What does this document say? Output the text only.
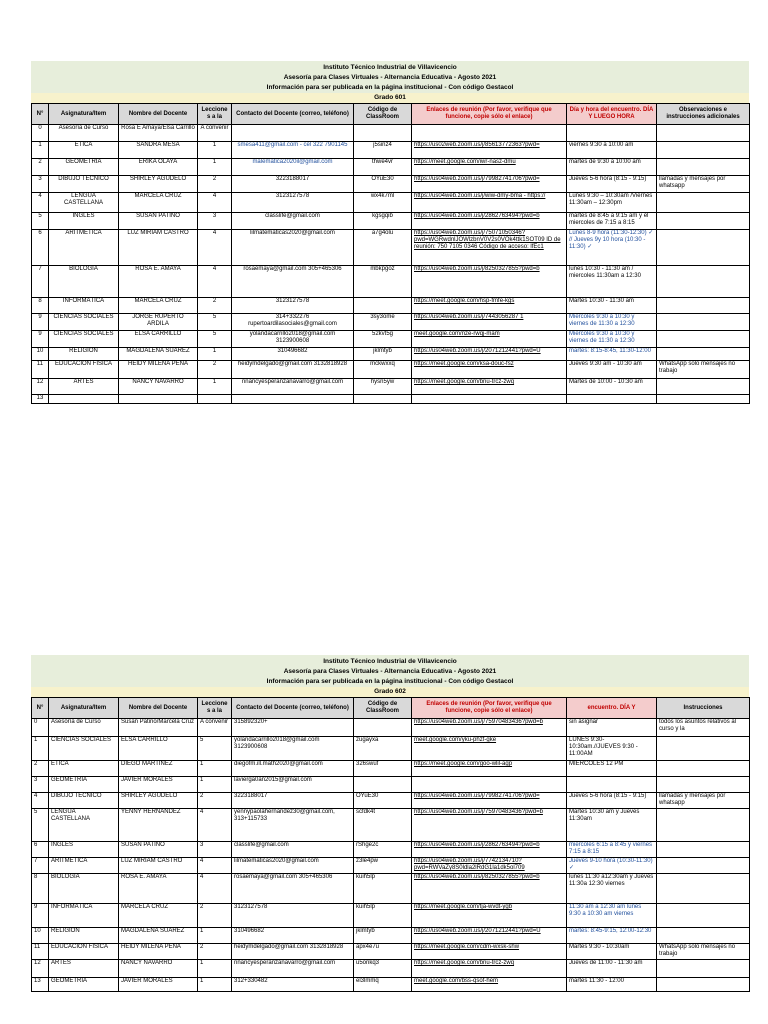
Instituto Técnico Industrial de Villavicencio
Asesoría para Clases Virtuales - Alternancia Educativa - Agosto 2021
Información para ser publicada en la página institucional - Con código Gestacol
Grado 601
N°	Asignatura/Item	Nombre del Docente	Lecciones a la	Contacto del Docente (correo, teléfono)	Código de ClassRoom	Enlaces de reunión (Por favor, verifique que funcione, copie sólo el enlace)	Día y hora del encuentro. DÍA Y LUEGO HORA	Observaciones e instrucciones adicionales
0	Asesoría de Curso	Rosa E Amaya/Elsa Carrillo	A convenir					
1	ETICA	SANDRA MESA	1	smesa411@gmail.com - cel 322 7901145	j5sinz4	https://us02web.zoom.us/j/85613772363?pwd=	viernes 9:30 a 10:00 am	
2	GEOMETRÍA	ERIKA OLAYA	1	malematica2020il@gmail.com	thwe4vr	https://meet.google.com/iwr-nasz-dmu	martes de 9:30 a 10:00 am	
3	DIBUJO TÉCNICO	SHIRLEY AGUDELO	2	3223188017	OYuE30	https://us04web.zoom.us/j/79982741706?pwd=	Jueves 5-6 hora (8:15 - 9:15)	llamadas y mensajes por whatsapp
4	LENGUA CASTELLANA	MARCELA CRUZ	4	3123127578	wx4k7ml	https://us04web.zoom.us/j/wiw-dmy-bma - https://	Lunes 9:30 – 10:30am /Viernes 11:30am – 12:30pm	
5	INGLES	SUSAN PATIÑO	3	classlife@gmail.com	kgsgqib	https://us04web.zoom.us/j/2862763494?pwd=b	martes de 8:45 a 9:15 am y el miercoles de 7:15 a 8:15	
6	ARITMÉTICA	LUZ MIRIAM CASTRO	4	lilmatematicas2020@gmail.com	a7g4olu	https://us04web.zoom.us/j/75071050346?pwd=WGRwdnlJOWlzbnV0V2s0VOk4ttk1SOT09 ID de reunión: 750 7105 0346 Código de acceso: lfEc1	Lunes 8-9 hora (11:30-12:30) ✓ // Jueves 9y 10 hora (10:30 - 11:30) ✓	
7	BIOLOGÍA	ROSA E. AMAYA	4	rosaemaya@gmail.com 305+465306	mbkpgoz	https://us04web.zoom.us/j/8250327855?pwd=b	lunes 10:30 - 11:30 am / miercoles 11:30am a 12:30	
8	INFORMÁTICA	MARCELA CRUZ	2	3123127578		https://meet.google.com/hsp-fmfe-kgs	Martes 10:30 - 11:30 am	
9	CIENCIAS SOCIALES	JORGE RUPERTO ARDILA	5	314+332276 rupertoardilasociales@gmail.com	3sy3ome	https://us04web.zoom.us/j/7443056287 1	Miercoles 9:30 a 10:30 y viernes de 11:30 a 12:30	
9	CIENCIAS SOCIALES	ELSA CARRILLO	5	yolandacarrillo2018@gmail.com 3123900608	52kvt5g	meet.google.com/nze-rwqj-mam	Miercoles 9:30 a 10:30 y viernes de 11:30 a 12:30	
10	RELIGIÓN	MAGDALENA SUÁREZ	1	310496682	jklmtyb	https://us04web.zoom.us/j/2071212441?pwd=U	martes: 8:15-8:45, 11:30-12:00	
11	EDUCACIÓN FÍSICA	HEIDY MILENA PEÑA	2	heidymdelgado@gmail.com 3132818928	mckwxxq	https://meet.google.com/ksa-douc-fsz	Jueves 9:30 am - 10:30 am	WhatsApp solo mensajes no trabajo
12	ARTES	NANCY NAVARRO	1	nnancyesperanzanavarro@gmail.com	hysn5yw	https://meet.google.com/bnu-trcz-zwq	Martes de 10:00 - 10:30 am	
13								
Instituto Técnico Industrial de Villavicencio
Asesoría para Clases Virtuales - Alternancia Educativa - Agosto 2021
Información para ser publicada en la página institucional - Con código Gestacol
Grado 602
N°	Asignatura/Item	Nombre del Docente	Lecciones a la	Contacto del Docente (correo, teléfono)	Código de ClassRoom	Enlaces de reunión (Por favor, verifique que funcione, copie sólo el enlace)	encuentro. DÍA Y	Instrucciones
0	Asesoría de Curso	Susan Patiño/Marcela Cruz	A convenir	315892320+		https://us04web.zoom.us/j/75970483436?pwd=b	sin asignar	todos los asuntos relativos al curso y la
1	CIENCIAS SOCIALES	ELSA CARRILLO	5	yolandacarrillo2018@gmail.com 3123900608	zugayxa	meet.google.com/yku-phzf-gke	LUNES 9:30-10:30am.//JUEVES 9:30 - 11:00AM	
2	ETICA	DIEGO MARTINEZ	1	diegofm.ill.math2020@gmail.com	326swuf	https://meet.google.com/goo-wlil-agp	MIÉRCOLES 12 PM	
3	GEOMETRÍA	JAVIER MORALES	1	lavierga0an2015@gmail.com				
4	DIBUJO TÉCNICO	SHIRLEY AGUDELO	2	3223188017	OYuE30	https://us04web.zoom.us/j/79982741706?pwd=	Jueves 5-6 hora (8:15 - 9:15)	llamadas y mensajes por whatsapp
5	LENGUA CASTELLANA	YENNY HERNANDEZ	4	yennypaolahernandez30@gmail.com, 313+115733	scfdk4t	https://us04web.zoom.us/j/75970483436?pwd=b	Martes 10:30 am y Jueves 11:30am	
6	INGLES	SUSAN PATIÑO	3	classlife@gmail.com	rShge2c	https://us04web.zoom.us/j/2862763494?pwd=b	miercoles 6:15 a 8:45 y viernes 7:15 a 8:15	
7	ARITMÉTICA	LUZ MIRIAM CASTRO	4	lilmatematicas2020@gmail.com	z3le4pw	https://us04web.zoom.us/j/7742134710?pwd=RWVaZy8S0ldla2lRdG1la1dk5ol709	Jueves 9-10 hora (10:30-11:30) ✓	
8	BIOLOGÍA	ROSA E. AMAYA	4	rosaemaya@gmail.com 305+465306	kuih5lp	https://us04web.zoom.us/j/8250327855?pwd=b	lunes 11:30 a12:30am y Jueves 11:30a 12:30 viernes	
9	INFORMÁTICA	MARCELA CRUZ	2	3123127578	kuih5lp	https://meet.google.com/tja-wvdt-ygb	11:30 am a 12:30 am lunes 9:30 a 10:30 am viernes	
10	RELIGIÓN	MAGDALENA SUÁREZ	1	310496682	jklmtyb	https://us04web.zoom.us/j/2071212441?pwd=U	martes: 8:45-9:15, 12:00-12:30	
11	EDUCACIÓN FÍSICA	HEIDY MILENA PEÑA	2	heidymdelgado@gmail.com 3132818928	apx4e7u	https://meet.google.com/cdm-wxsk-shw	Martes 9:30 - 10:30am	WhatsApp solo mensajes no trabajo
12	ARTES	NANCY NAVARRO	1	nnancyesperanzanavarro@gmail.com	u5onkq3	https://meet.google.com/bnu-trcz-zwq	Jueves de 11:00 - 11:30 am	
13	GEOMETRIA	JAVIER MORALES	1	312+330482	el3lmmq	meet.google.com/bss-qsof-hem	martes 11:30 - 12:00	
